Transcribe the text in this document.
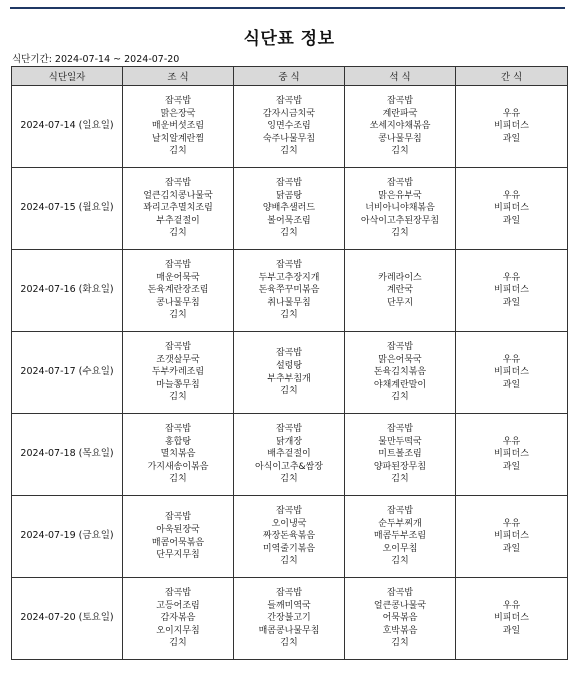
식단표 정보
식단기간: 2024-07-14 ~ 2024-07-20
식단일자	조 식	중 식	석 식	간 식
2024-07-14 (일요일)	잡곡밥
맑은장국
매운버섯조림
날치알계란찜
김치	잡곡밥
감자시금치국
잉면수조림
숙주나물무침
김치	잡곡밥
계란파국
쏘세지야채볶음
콩나물무침
김치	우유
비피더스
과일

2024-07-15 (월요일)	잡곡밥
얼큰김치콩나물국
꽈리고추멸치조림
부추겉절이
김치	잡곡밥
닭곰탕
양배추샐러드
볼어묵조림
김치	잡곡밥
맑은유부국
너비아니야채볶음
아삭이고추된장무침
김치	우유
비피더스
과일

2024-07-16 (화요일)	잡곡밥
매운어묵국
돈육계란장조림
콩나물무침
김치	잡곡밥
두부고추장지개
돈육쭈꾸미볶음
취나물무침
김치	카레라이스
계란국
단무지	우유
비피더스
과일

2024-07-17 (수요일)	잡곡밥
조갯살무국
두부카레조림
마늘쫑무침
김치	잡곡밥
설렁탕
부추부침개
김치	잡곡밥
맑은어묵국
돈육김치볶음
야채계란말이
김치	우유
비피더스
과일

2024-07-18 (목요일)	잡곡밥
홍합탕
멸치볶음
가지새송이볶음
김치	잡곡밥
닭개장
배추겉절이
아식이고추&쌈장
김치	잡곡밥
물만두떡국
미트볼조림
양파된장무침
김치	우유
비피더스
과일

2024-07-19 (금요일)	잡곡밥
아욱된장국
매콤어묵볶음
단무지무침	잡곡밥
오이냉국
짜장돈육볶음
미역줄기볶음
김치	잡곡밥
순두부찌개
매콤두부조림
오이무침
김치	우유
비피더스
과일

2024-07-20 (토요일)	잡곡밥
고등어조림
감자볶음
오이지무침
김치	잡곡밥
들깨미역국
간장불고기
매콤콩나물무침
김치	잡곡밥
얼큰콩나물국
어묵볶음
호박볶음
김치	우유
비피더스
과일
